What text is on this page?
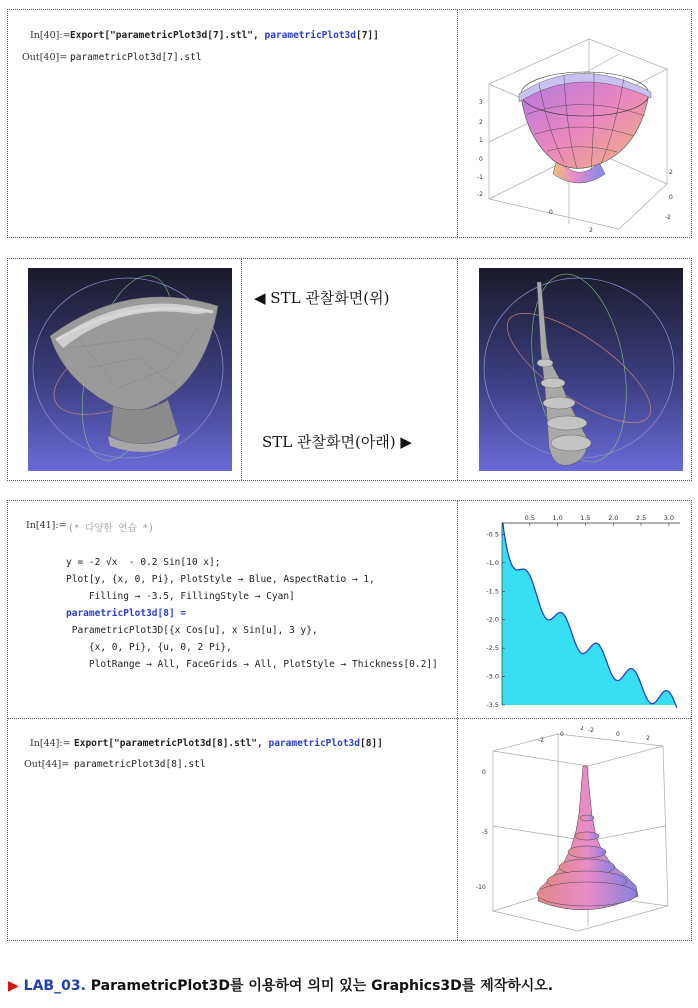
In[40]:= Export["parametricPlot3d[7].stl", parametricPlot3d[7]]
Out[40]= parametricPlot3d[7].stl
3
2
1
0
-1
-2
0
2
2
0
-2
◀ STL 관찰화면(위)
STL 관찰화면(아래) ▶
In[41]:= (* 다양한 연습 *)
y = -2 √x  - 0.2 Sin[10 x];
Plot[y, {x, 0, Pi}, PlotStyle → Blue, AspectRatio → 1,
Filling → -3.5, FillingStyle → Cyan]
parametricPlot3d[8] =
ParametricPlot3D[{x Cos[u], x Sin[u], 3 y},
{x, 0, Pi}, {u, 0, 2 Pi},
PlotRange → All, FaceGrids → All, PlotStyle → Thickness[0.2]]
0.5	1.0	1.5	2.0	2.5	3.0
-0.5
-1.0
-1.5
-2.0
-2.5
-3.0
-3.5
In[44]:= Export["parametricPlot3d[8].stl", parametricPlot3d[8]]
Out[44]= parametricPlot3d[8].stl
0
-5
-10
-2
0
2
-2
0
2
▶ LAB_03. ParametricPlot3D를 이용하여 의미 있는 Graphics3D를 제작하시오.
